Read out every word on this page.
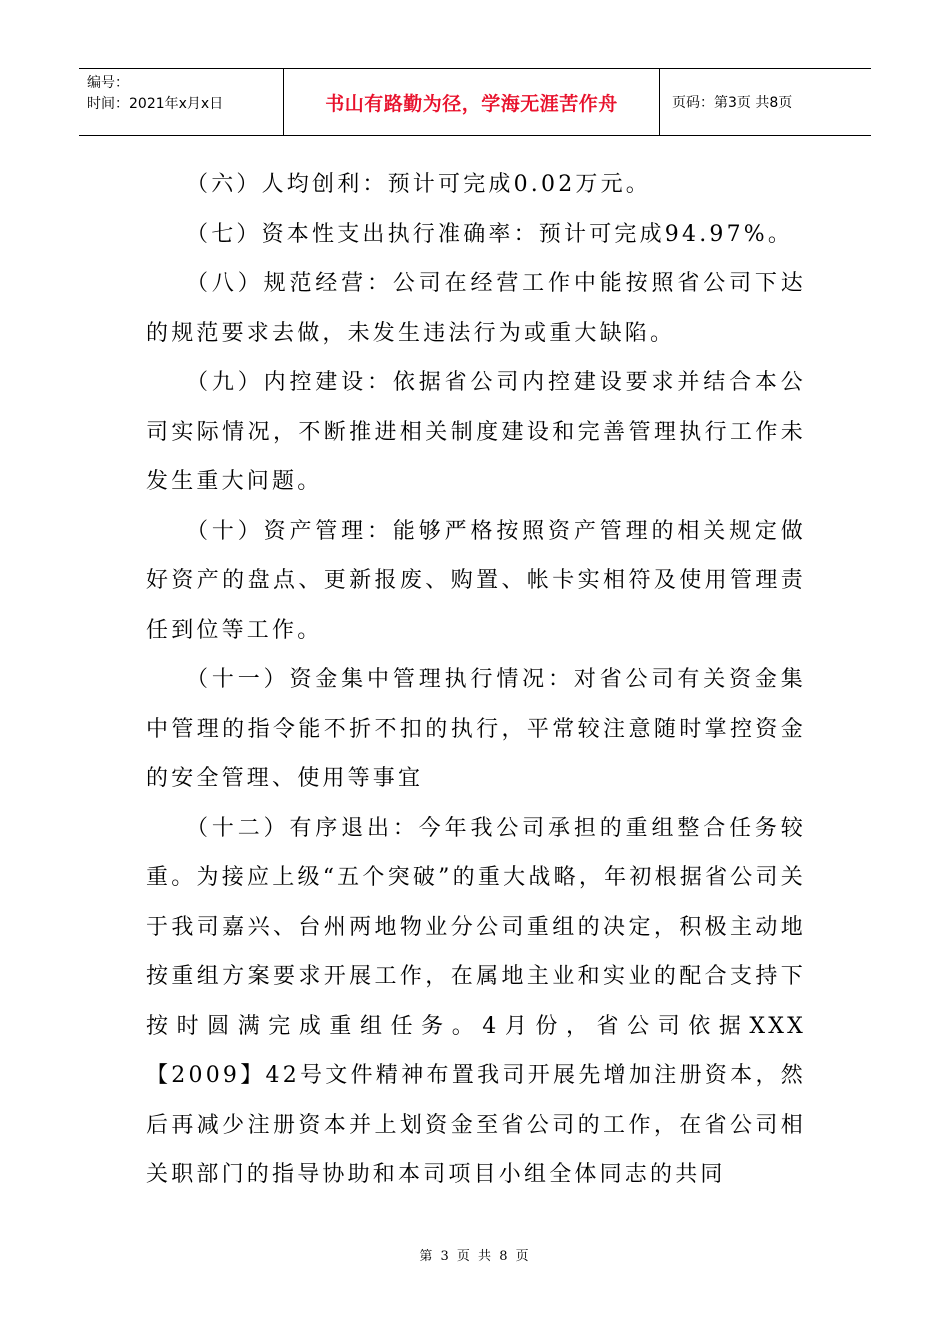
编号：
时间：2021年x月x日	书山有路勤为径，学海无涯苦作舟	页码：第3页 共8页

（六）人均创利：预计可完成0.02万元。

（七）资本性支出执行准确率：预计可完成94.97%。

（八）规范经营：公司在经营工作中能按照省公司下达的规范要求去做，未发生违法行为或重大缺陷。

（九）内控建设：依据省公司内控建设要求并结合本公司实际情况，不断推进相关制度建设和完善管理执行工作未发生重大问题。

（十）资产管理：能够严格按照资产管理的相关规定做好资产的盘点、更新报废、购置、帐卡实相符及使用管理责任到位等工作。

（十一）资金集中管理执行情况：对省公司有关资金集中管理的指令能不折不扣的执行，平常较注意随时掌控资金的安全管理、使用等事宜

（十二）有序退出：今年我公司承担的重组整合任务较重。为接应上级“五个突破”的重大战略，年初根据省公司关于我司嘉兴、台州两地物业分公司重组的决定，积极主动地按重组方案要求开展工作，在属地主业和实业的配合支持下按时圆满完成重组任务。4月份，省公司依据XXX【2009】42号文件精神布置我司开展先增加注册资本，然后再减少注册资本并上划资金至省公司的工作，在省公司相关职部门的指导协助和本司项目小组全体同志的共同

第 3 页 共 8 页
